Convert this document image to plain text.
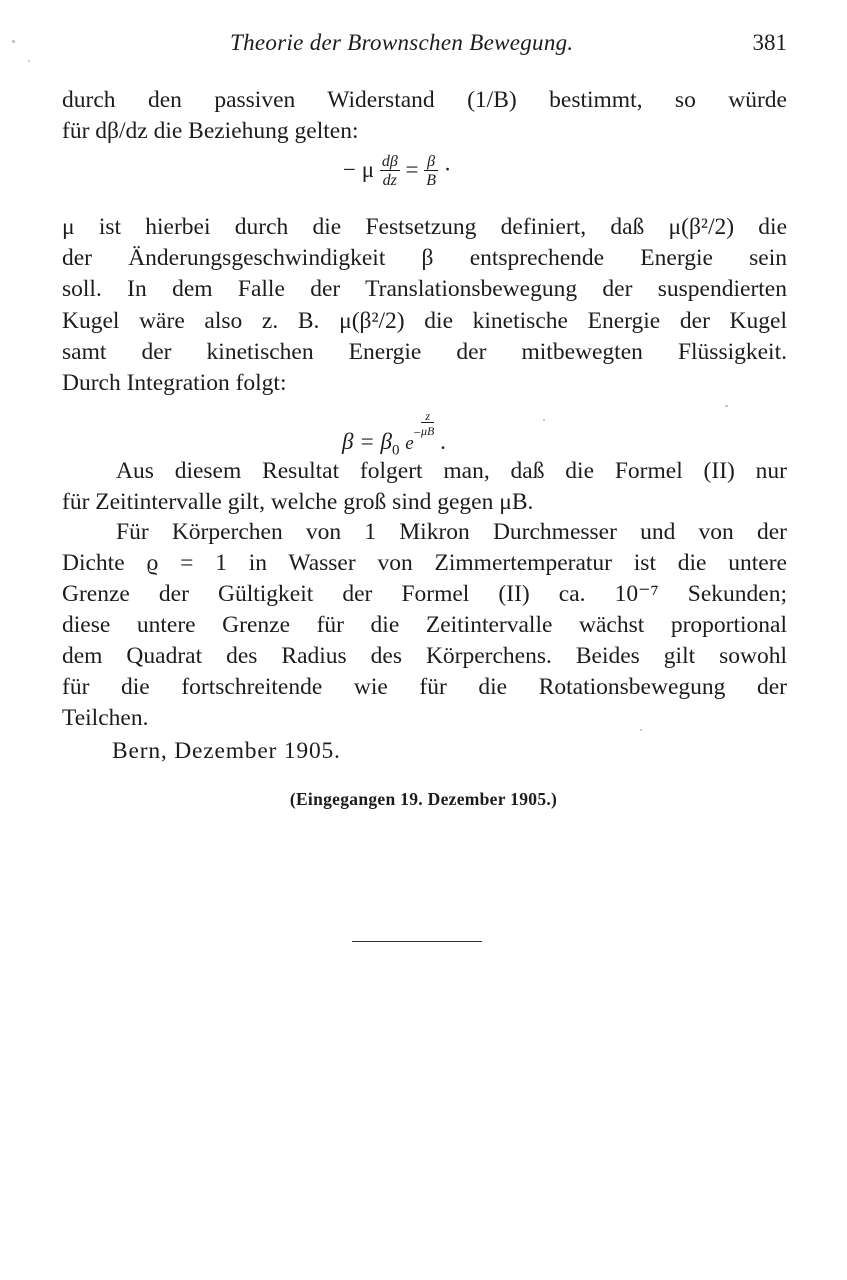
Theorie der Brownschen Bewegung.	381
durch den passiven Widerstand (1/B) bestimmt, so würde
für dβ/dz die Beziehung gelten:
− μ $\frac{d\beta}{dz} = \frac{\beta}{B}$ ·
μ ist hierbei durch die Festsetzung definiert, daß μ(β²/2) die
der Änderungsgeschwindigkeit β entsprechende Energie sein
soll. In dem Falle der Translationsbewegung der suspendierten
Kugel wäre also z. B. μ(β²/2) die kinetische Energie der Kugel
samt der kinetischen Energie der mitbewegten Flüssigkeit.
Durch Integration folgt:
$\beta = \beta_0$ $e^- \frac{z}{\mu B}$
.
Aus diesem Resultat folgert man, daß die Formel (II) nur
für Zeitintervalle gilt, welche groß sind gegen μB.
Für Körperchen von 1 Mikron Durchmesser und von der
Dichte ϱ = 1 in Wasser von Zimmertemperatur ist die untere
Grenze der Gültigkeit der Formel (II) ca. 10⁻⁷ Sekunden;
diese untere Grenze für die Zeitintervalle wächst proportional
dem Quadrat des Radius des Körperchens. Beides gilt sowohl
für die fortschreitende wie für die Rotationsbewegung der
Teilchen.
Bern, Dezember 1905.
(Eingegangen 19. Dezember 1905.)
